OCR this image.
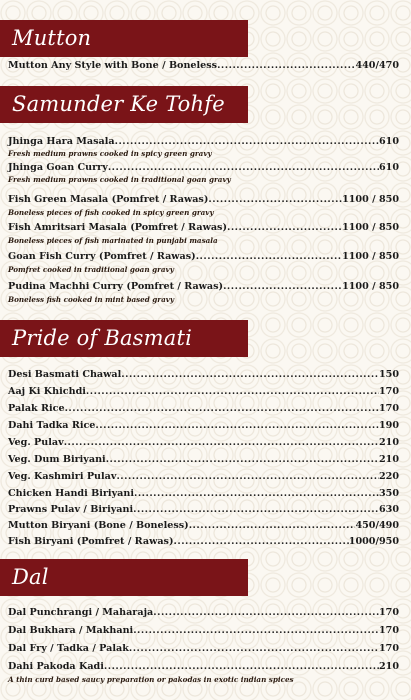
Mutton
Mutton Any Style with Bone / Boneless .....	440/470
Samunder Ke Tohfe
Jhinga Hara Masala .....	610
Fresh medium prawns cooked in spicy green gravy
Jhinga Goan Curry .....	610
Fresh medium prawns cooked in traditional goan gravy
Fish Green Masala (Pomfret / Rawas) .....	1100 / 850
Boneless pieces of fish cooked in spicy green gravy
Fish Amritsari Masala (Pomfret / Rawas) .....	1100 / 850
Boneless pieces of fish marinated in punjabi masala
Goan Fish Curry (Pomfret / Rawas) .....	1100 / 850
Pomfret cooked in traditional goan gravy
Pudina Machhi Curry (Pomfret / Rawas) .....	1100 / 850
Boneless fish cooked in mint based gravy
Pride of Basmati
Desi Basmati Chawal .....	150
Aaj Ki Khichdi .....	170
Palak Rice .....	170
Dahi Tadka Rice .....	190
Veg. Pulav .....	210
Veg. Dum Biriyani .....	210
Veg. Kashmiri Pulav .....	220
Chicken Handi Biriyani .....	350
Prawns Pulav / Biriyani .....	630
Mutton Biryani (Bone / Boneless) .....	450/490
Fish Biryani (Pomfret / Rawas) .....	1000/950
Dal
Dal Punchrangi / Maharaja .....	170
Dal Bukhara / Makhani .....	170
Dal Fry / Tadka / Palak .....	170
Dahi Pakoda Kadi .....	210
A thin curd based saucy preparation or pakodas in exotic indian spices
